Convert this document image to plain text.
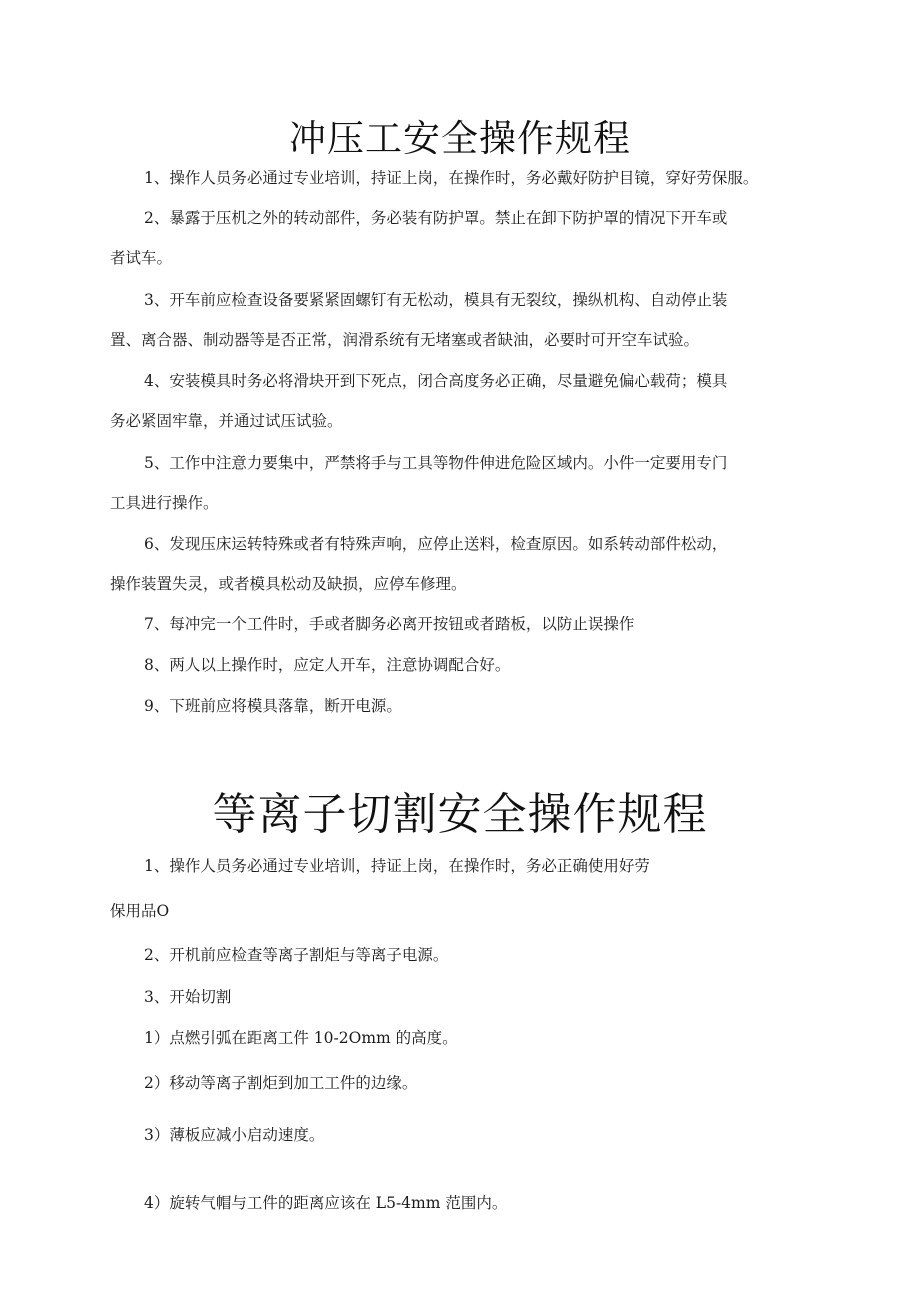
冲压工安全操作规程

1、操作人员务必通过专业培训，持证上岗，在操作时，务必戴好防护目镜，穿好劳保服。

2、暴露于压机之外的转动部件，务必装有防护罩。禁止在卸下防护罩的情况下开车或

者试车。

3、开车前应检查设备要紧紧固螺钉有无松动，模具有无裂纹，操纵机构、自动停止装

置、离合器、制动器等是否正常，润滑系统有无堵塞或者缺油，必要时可开空车试验。

4、安装模具时务必将滑块开到下死点，闭合高度务必正确，尽量避免偏心载荷；模具

务必紧固牢靠，并通过试压试验。

5、工作中注意力要集中，严禁将手与工具等物件伸进危险区域内。小件一定要用专门

工具进行操作。

6、发现压床运转特殊或者有特殊声响，应停止送料，检查原因。如系转动部件松动，

操作装置失灵，或者模具松动及缺损，应停车修理。

7、每冲完一个工件时，手或者脚务必离开按钮或者踏板，以防止误操作

8、两人以上操作时，应定人开车，注意协调配合好。

9、下班前应将模具落靠，断开电源。

等离子切割安全操作规程

1、操作人员务必通过专业培训，持证上岗，在操作时，务必正确使用好劳

保用品O

2、开机前应检查等离子割炬与等离子电源。

3、开始切割

1）点燃引弧在距离工件 10-2Omm 的高度。

2）移动等离子割炬到加工工件的边缘。

3）薄板应减小启动速度。

4）旋转气帽与工件的距离应该在 L5-4mm 范围内。
